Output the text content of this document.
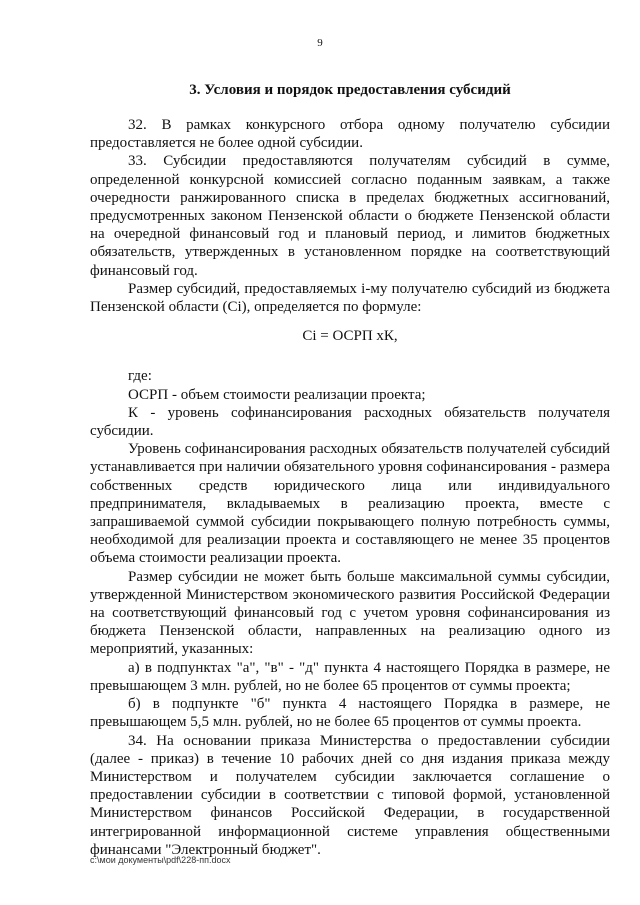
9
3. Условия и порядок предоставления субсидий

32. В рамках конкурсного отбора одному получателю субсидии предоставляется не более одной субсидии.

33. Субсидии предоставляются получателям субсидий в сумме, определенной конкурсной комиссией согласно поданным заявкам, а также очередности ранжированного списка в пределах бюджетных ассигнований, предусмотренных законом Пензенской области о бюджете Пензенской области на очередной финансовый год и плановый период, и лимитов бюджетных обязательств, утвержденных в установленном порядке на соответствующий финансовый год.

Размер субсидий, предоставляемых i-му получателю субсидий из бюджета Пензенской области (Ci), определяется по формуле:

Ci = ОСРП хК,

где:

ОСРП - объем стоимости реализации проекта;

К - уровень софинансирования расходных обязательств получателя субсидии.

Уровень софинансирования расходных обязательств получателей субсидий устанавливается при наличии обязательного уровня софинансирования - размера собственных средств юридического лица или индивидуального предпринимателя, вкладываемых в реализацию проекта, вместе с запрашиваемой суммой субсидии покрывающего полную потребность суммы, необходимой для реализации проекта и составляющего не менее 35 процентов объема стоимости реализации проекта.

Размер субсидии не может быть больше максимальной суммы субсидии, утвержденной Министерством экономического развития Российской Федерации на соответствующий финансовый год с учетом уровня софинансирования из бюджета Пензенской области, направленных на реализацию одного из мероприятий, указанных:

а) в подпунктах "а", "в" - "д" пункта 4 настоящего Порядка в размере, не превышающем 3 млн. рублей, но не более 65 процентов от суммы проекта;

б) в подпункте "б" пункта 4 настоящего Порядка в размере, не превышающем 5,5 млн. рублей, но не более 65 процентов от суммы проекта.

34. На основании приказа Министерства о предоставлении субсидии (далее - приказ) в течение 10 рабочих дней со дня издания приказа между Министерством и получателем субсидии заключается соглашение о предоставлении субсидии в соответствии с типовой формой, установленной Министерством финансов Российской Федерации, в государственной интегрированной информационной системе управления общественными финансами "Электронный бюджет".

с:\мои документы\pdf\228-пп.docx
